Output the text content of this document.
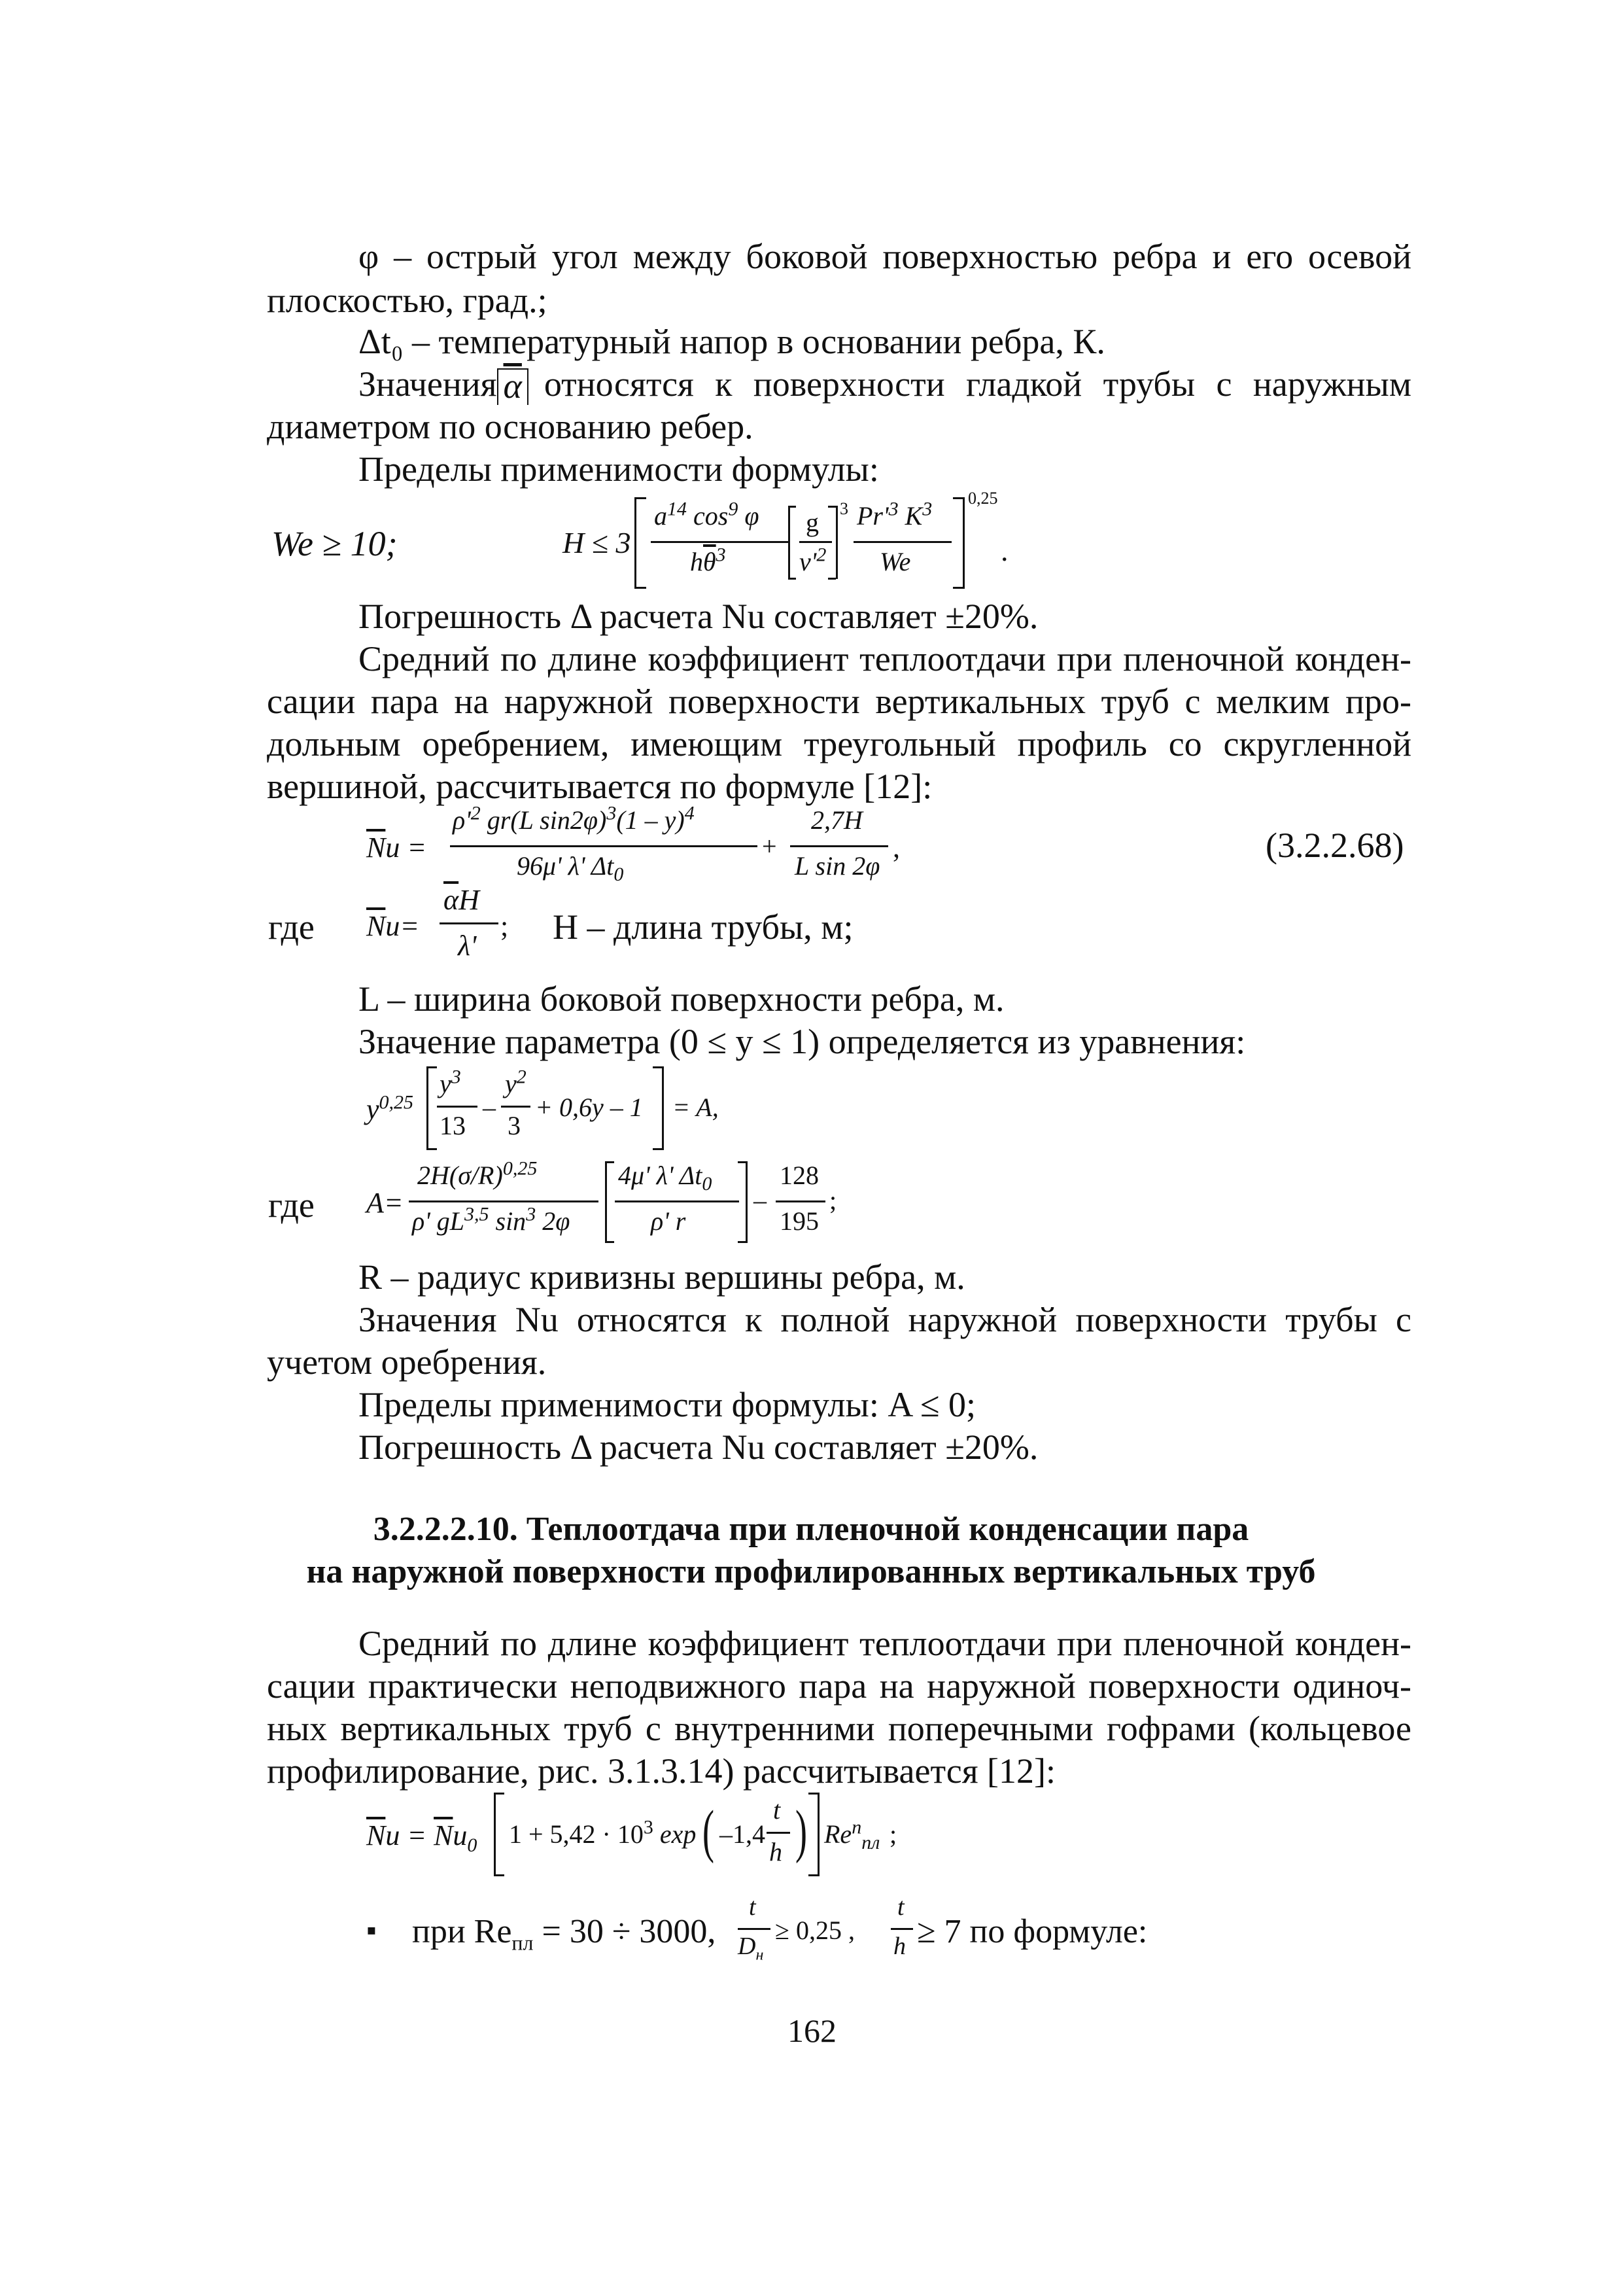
φ – острый угол между боковой поверхностью ребра и его осевой
плоскостью, град.;
Δt₀ – температурный напор в основании ребра, К.
Значения $\overline{\alpha}$ относятся к поверхности гладкой трубы с наружным
диаметром по основанию ребер.
Пределы применимости формулы:
We ≥ 10;	H ≤ 3
$a^{14}$ $\cos^9 \varphi$
$h\overline{\theta}^3$
g
$\nu'^2$
3 $Pr'^3$ $K^3$
We
0,25
.
Погрешность Δ расчета Nu составляет ±20%.
Средний по длине коэффициент теплоотдачи при пленочной конден-
сации пара на наружной поверхности вертикальных труб с мелким про-
дольным оребрением, имеющим треугольный профиль со скругленной
вершиной, рассчитывается по формуле [12]:
$\overline{N}u$ =
$\rho'^2$ gr(L sin2φ)$^3$(1 – y)$^4$
96μ' λ' $\Delta t_0$
+
2,7H
L sin 2φ
,	(3.2.2.68)
где $\overline{N}u=$
$\overline{\alpha}H$
λ'
; H – длина трубы, м;
L – ширина боковой поверхности ребра, м.
Значение параметра (0 ≤ y ≤ 1) определяется из уравнения:
$y^{0,25}$
$y^3$
13
–
$y^2$
3
+ 0,6y – 1 = A,
где A=
$2H(\sigma/R)^{0,25}$
ρ' gL$^{3,5}$ $\sin^3 2\varphi$
4μ' λ' $\Delta t_0$
ρ' r
–
128
195
;
R – радиус кривизны вершины ребра, м.
Значения Nu относятся к полной наружной поверхности трубы с
учетом оребрения.
Пределы применимости формулы: A ≤ 0;
Погрешность Δ расчета Nu составляет ±20%.
3.2.2.2.10. Теплоотдача при пленочной конденсации пара
на наружной поверхности профилированных вертикальных труб
Средний по длине коэффициент теплоотдачи при пленочной конден-
сации практически неподвижного пара на наружной поверхности одиноч-
ных вертикальных труб с внутренними поперечными гофрами (кольцевое
профилирование, рис. 3.1.3.14) рассчитывается [12]:
$\overline{N}u = \overline{N}u_0$ $1 + 5,42 \cdot 10^3$ exp ( –1,4
t
h ) $Re^n_{пл}$ ;
▪ при $Re_{пл} = 30 \div 3000$,
t
$D_н$
≥ 0,25 ,
t
h ≥ 7 по формуле:
162
